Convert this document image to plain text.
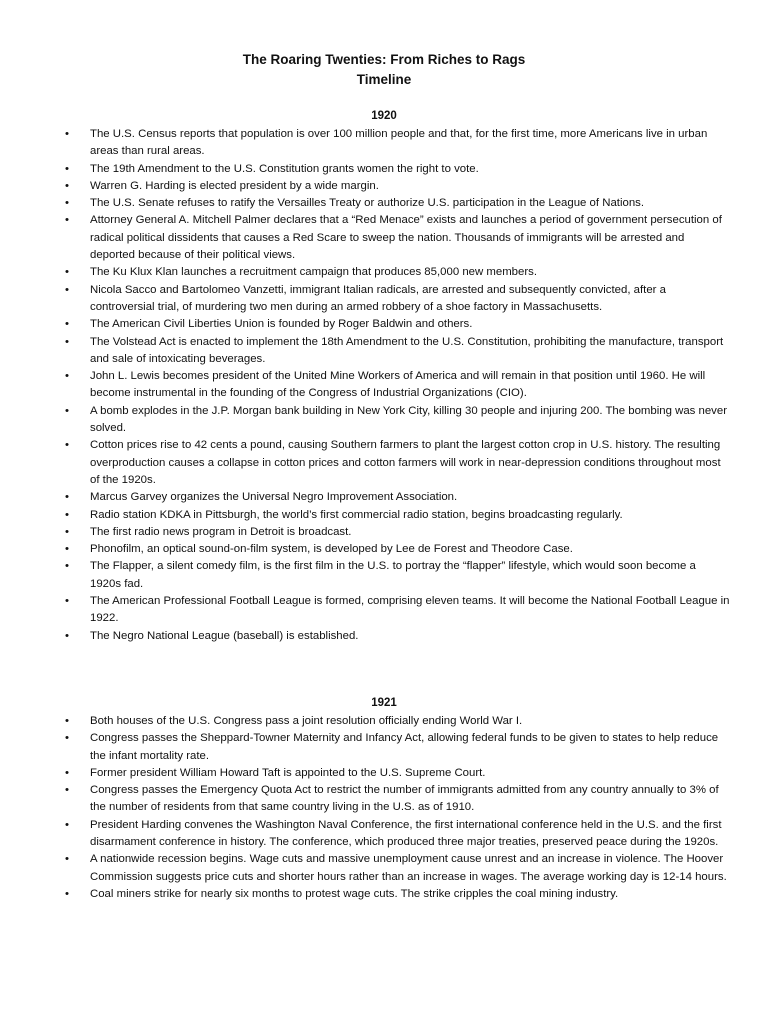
The Roaring Twenties: From Riches to Rags
Timeline
1920
• The U.S. Census reports that population is over 100 million people and that, for the first time, more Americans live in urban areas than rural areas.
• The 19th Amendment to the U.S. Constitution grants women the right to vote.
• Warren G. Harding is elected president by a wide margin.
• The U.S. Senate refuses to ratify the Versailles Treaty or authorize U.S. participation in the League of Nations.
• Attorney General A. Mitchell Palmer declares that a “Red Menace” exists and launches a period of government persecution of radical political dissidents that causes a Red Scare to sweep the nation. Thousands of immigrants will be arrested and deported because of their political views.
• The Ku Klux Klan launches a recruitment campaign that produces 85,000 new members.
• Nicola Sacco and Bartolomeo Vanzetti, immigrant Italian radicals, are arrested and subsequently convicted, after a controversial trial, of murdering two men during an armed robbery of a shoe factory in Massachusetts.
• The American Civil Liberties Union is founded by Roger Baldwin and others.
• The Volstead Act is enacted to implement the 18th Amendment to the U.S. Constitution, prohibiting the manufacture, transport and sale of intoxicating beverages.
• John L. Lewis becomes president of the United Mine Workers of America and will remain in that position until 1960. He will become instrumental in the founding of the Congress of Industrial Organizations (CIO).
• A bomb explodes in the J.P. Morgan bank building in New York City, killing 30 people and injuring 200. The bombing was never solved.
• Cotton prices rise to 42 cents a pound, causing Southern farmers to plant the largest cotton crop in U.S. history. The resulting overproduction causes a collapse in cotton prices and cotton farmers will work in near-depression conditions throughout most of the 1920s.
• Marcus Garvey organizes the Universal Negro Improvement Association.
• Radio station KDKA in Pittsburgh, the world’s first commercial radio station, begins broadcasting regularly.
• The first radio news program in Detroit is broadcast.
• Phonofilm, an optical sound-on-film system, is developed by Lee de Forest and Theodore Case.
• The Flapper, a silent comedy film, is the first film in the U.S. to portray the “flapper” lifestyle, which would soon become a 1920s fad.
• The American Professional Football League is formed, comprising eleven teams. It will become the National Football League in 1922.
• The Negro National League (baseball) is established.
1921
• Both houses of the U.S. Congress pass a joint resolution officially ending World War I.
• Congress passes the Sheppard-Towner Maternity and Infancy Act, allowing federal funds to be given to states to help reduce the infant mortality rate.
• Former president William Howard Taft is appointed to the U.S. Supreme Court.
• Congress passes the Emergency Quota Act to restrict the number of immigrants admitted from any country annually to 3% of the number of residents from that same country living in the U.S. as of 1910.
• President Harding convenes the Washington Naval Conference, the first international conference held in the U.S. and the first disarmament conference in history. The conference, which produced three major treaties, preserved peace during the 1920s.
• A nationwide recession begins. Wage cuts and massive unemployment cause unrest and an increase in violence. The Hoover Commission suggests price cuts and shorter hours rather than an increase in wages. The average working day is 12-14 hours.
• Coal miners strike for nearly six months to protest wage cuts. The strike cripples the coal mining industry.
